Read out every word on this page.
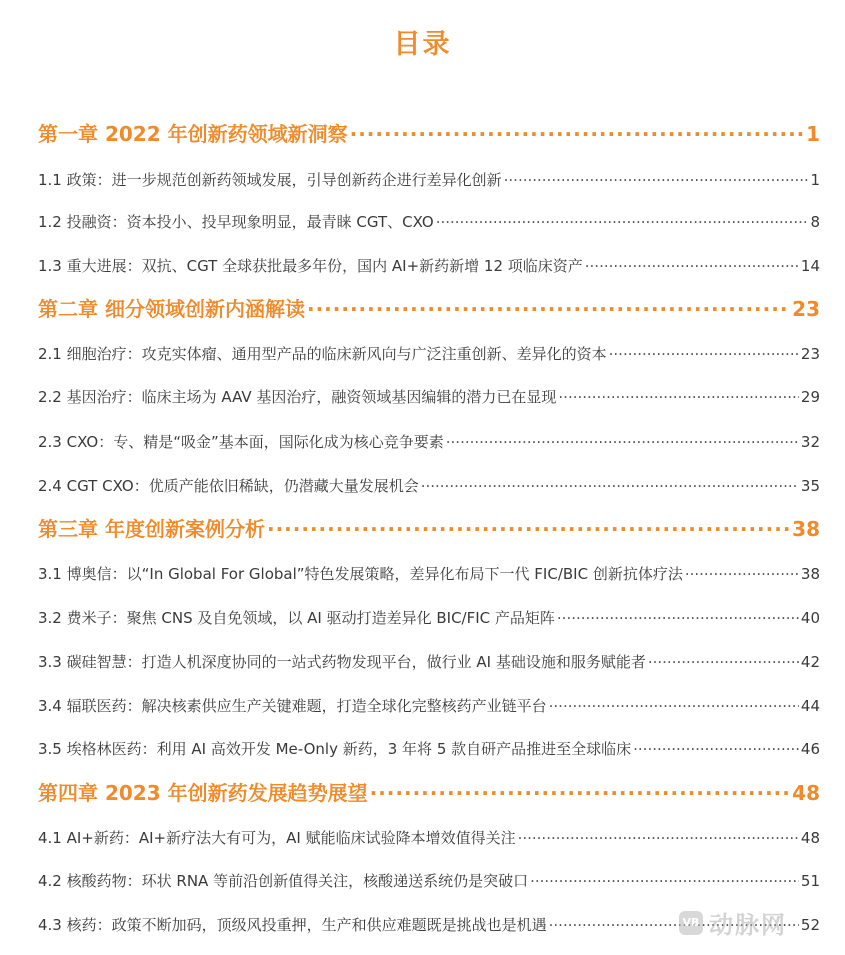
目录
第一章 2022 年创新药领域新洞察 .....	1
1.1 政策：进一步规范创新药领域发展，引导创新药企进行差异化创新 .....	1
1.2 投融资：资本投小、投早现象明显，最青睐 CGT、CXO .....	8
1.3 重大进展：双抗、CGT 全球获批最多年份，国内 AI+新药新增 12 项临床资产 .....	14
第二章 细分领域创新内涵解读 .....	23
2.1 细胞治疗：攻克实体瘤、通用型产品的临床新风向与广泛注重创新、差异化的资本 .....	23
2.2 基因治疗：临床主场为 AAV 基因治疗，融资领域基因编辑的潜力已在显现 .....	29
2.3 CXO：专、精是“吸金”基本面，国际化成为核心竞争要素 .....	32
2.4 CGT CXO：优质产能依旧稀缺，仍潜藏大量发展机会 .....	35
第三章 年度创新案例分析 .....	38
3.1 博奥信：以“In Global For Global”特色发展策略，差异化布局下一代 FIC/BIC 创新抗体疗法 .....	38
3.2 费米子：聚焦 CNS 及自免领域，以 AI 驱动打造差异化 BIC/FIC 产品矩阵 .....	40
3.3 碳硅智慧：打造人机深度协同的一站式药物发现平台，做行业 AI 基础设施和服务赋能者 .....	42
3.4 辐联医药：解决核素供应生产关键难题，打造全球化完整核药产业链平台 .....	44
3.5 埃格林医药：利用 AI 高效开发 Me-Only 新药，3 年将 5 款自研产品推进至全球临床 .....	46
第四章 2023 年创新药发展趋势展望 .....	48
4.1 AI+新药：AI+新疗法大有可为，AI 赋能临床试验降本增效值得关注 .....	48
4.2 核酸药物：环状 RNA 等前沿创新值得关注，核酸递送系统仍是突破口 .....	51
4.3 核药：政策不断加码，顶级风投重押，生产和供应难题既是挑战也是机遇 .....	52
VB 动脉网
